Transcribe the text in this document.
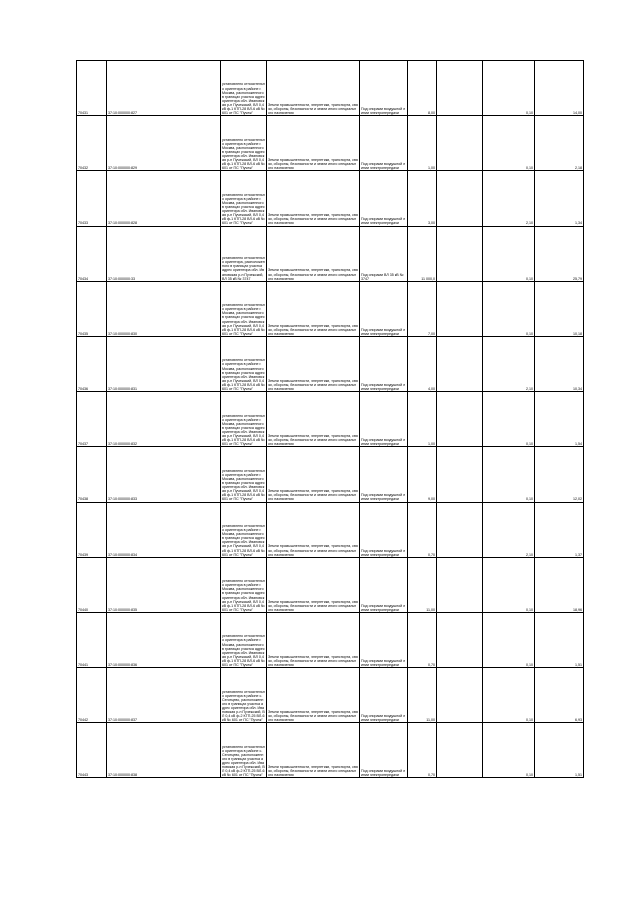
70431	37:10:000000:827	установлено относительно ориентира в районе г. Москва, расположенного в границах участка адрес ориентира обл. Ивановская р-н Пучежский, ВЛ 0,4 кВ ф-1 КТП-28 ВЛ-6 кВ № 601 от ПС "Пучеж"	Земли промышленности, энергетики, транспорта, связи, обороны, безопасности и земли иного специального назначения	Под опорами воздушной линии электропередачи	8,00		0,10	14,00
70432	37:10:000000:829	установлено относительно ориентира в районе г. Москва, расположенного в границах участка адрес ориентира обл. Ивановская р-н Пучежский, ВЛ 0,4 кВ ф-1 КТП-28 ВЛ-6 кВ № 601 от ПС "Пучеж"	Земли промышленности, энергетики, транспорта, связи, обороны, безопасности и земли иного специального назначения	Под опорами воздушной линии электропередачи	1,00		0,10	2,18
70433	37:10:000000:828	установлено относительно ориентира в районе г. Москва, расположенного в границах участка адрес ориентира обл. Ивановская р-н Пучежский, ВЛ 0,4 кВ ф-1 КТП-28 ВЛ-6 кВ № 601 от ПС "Пучеж"	Земли промышленности, энергетики, транспорта, связи, обороны, безопасности и земли иного специального назначения	Под опорами воздушной линии электропередачи	3,00		2,10	1,34
70434	37:10:000000:33	установлено относительно ориентира, расположенного в границах участка адрес ориентира обл. Ивановская р-н Пучежский, ВЛ 35 кВ № 3747	Земли промышленности, энергетики, транспорта, связи, обороны, безопасности и земли иного специального назначения	Под опорами ВЛ 35 кВ № 3747	11 000,0		0,10	25,79
70435	37:10:000000:830	установлено относительно ориентира в районе г. Москва, расположенного в границах участка адрес ориентира обл. Ивановская р-н Пучежский, ВЛ 0,4 кВ ф-1 КТП-28 ВЛ-6 кВ № 601 от ПС "Пучеж"	Земли промышленности, энергетики, транспорта, связи, обороны, безопасности и земли иного специального назначения	Под опорами воздушной линии электропередачи	7,00		0,10	10,18
70436	37:10:000000:831	установлено относительно ориентира в районе г. Москва, расположенного в границах участка адрес ориентира обл. Ивановская р-н Пучежский, ВЛ 0,4 кВ ф-1 КТП-28 ВЛ-6 кВ № 601 от ПС "Пучеж"	Земли промышленности, энергетики, транспорта, связи, обороны, безопасности и земли иного специального назначения	Под опорами воздушной линии электропередачи	4,00		2,10	10,34
70437	37:10:000000:832	установлено относительно ориентира в районе г. Москва, расположенного в границах участка адрес ориентира обл. Ивановская р-н Пучежский, ВЛ 0,4 кВ ф-1 КТП-28 ВЛ-6 кВ № 601 от ПС "Пучеж"	Земли промышленности, энергетики, транспорта, связи, обороны, безопасности и земли иного специального назначения	Под опорами воздушной линии электропередачи	1,00		0,10	1,54
70438	37:10:000000:833	установлено относительно ориентира в районе г. Москва, расположенного в границах участка адрес ориентира обл. Ивановская р-н Пучежский, ВЛ 0,4 кВ ф-1 КТП-28 ВЛ-6 кВ № 601 от ПС "Пучеж"	Земли промышленности, энергетики, транспорта, связи, обороны, безопасности и земли иного специального назначения	Под опорами воздушной линии электропередачи	9,00		0,10	12,02
70439	37:10:000000:834	установлено относительно ориентира в районе г. Москва, расположенного в границах участка адрес ориентира обл. Ивановская р-н Пучежский, ВЛ 0,4 кВ ф-1 КТП-28 ВЛ-6 кВ № 601 от ПС "Пучеж"	Земли промышленности, энергетики, транспорта, связи, обороны, безопасности и земли иного специального назначения	Под опорами воздушной линии электропередачи	0,70		2,10	1,37
70440	37:10:000000:835	установлено относительно ориентира в районе г. Москва, расположенного в границах участка адрес ориентира обл. Ивановская р-н Пучежский, ВЛ 0,4 кВ ф-1 КТП-28 ВЛ-6 кВ № 601 от ПС "Пучеж"	Земли промышленности, энергетики, транспорта, связи, обороны, безопасности и земли иного специального назначения	Под опорами воздушной линии электропередачи	11,00		0,10	18,96
70441	37:10:000000:836	установлено относительно ориентира в районе г. Москва, расположенного в границах участка адрес ориентира обл. Ивановская р-н Пучежский, ВЛ 0,4 кВ ф-1 КТП-28 ВЛ-6 кВ № 601 от ПС "Пучеж"	Земли промышленности, энергетики, транспорта, связи, обороны, безопасности и земли иного специального назначения	Под опорами воздушной линии электропередачи	0,70		0,10	1,51
70442	37:10:000000:837	установлено относительно ориентира в районе с. Сеготцево, расположенного в границах участка адрес ориентира обл. Ивановская р-н Пучежский, ВЛ 0,4 кВ ф-2 КТП-25 ВЛ-6 кВ № 601 от ПС "Пучеж"	Земли промышленности, энергетики, транспорта, связи, обороны, безопасности и земли иного специального назначения	Под опорами воздушной линии электропередачи	11,00		0,10	6,93
70443	37:10:000000:838	установлено относительно ориентира в районе с. Сеготцево, расположенного в границах участка адрес ориентира обл. Ивановская р-н Пучежский, ВЛ 0,4 кВ ф-2 КТП-25 ВЛ-6 кВ № 601 от ПС "Пучеж"	Земли промышленности, энергетики, транспорта, связи, обороны, безопасности и земли иного специального назначения	Под опорами воздушной линии электропередачи	0,70		0,10	1,51
